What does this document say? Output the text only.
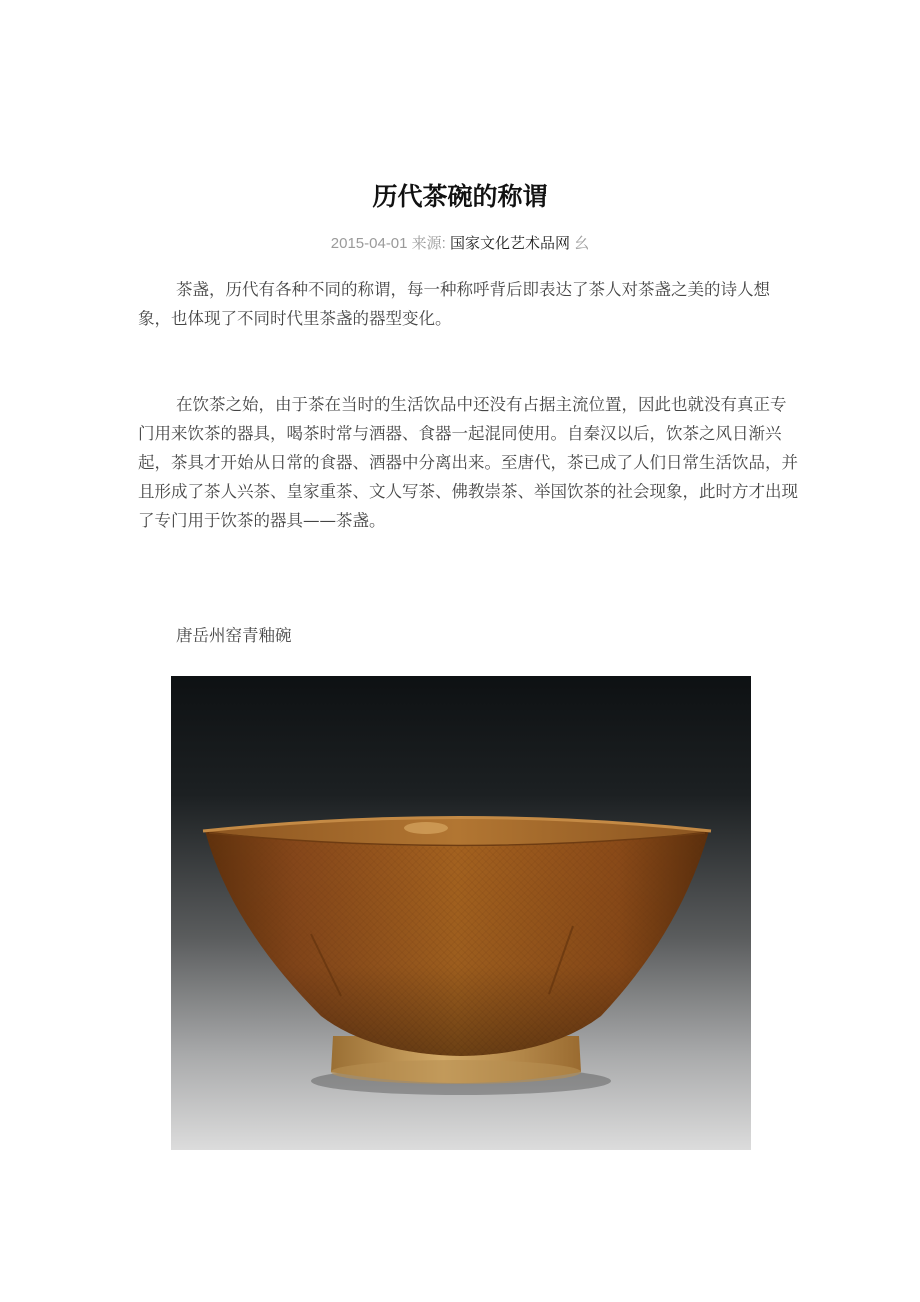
历代茶碗的称谓
2015-04-01 来源: 国家文化艺术品网 幺

茶盏，历代有各种不同的称谓，每一种称呼背后即表达了茶人对茶盏之美的诗人想象，也体现了不同时代里茶盏的器型变化。

在饮茶之始，由于茶在当时的生活饮品中还没有占据主流位置，因此也就没有真正专门用来饮茶的器具，喝茶时常与酒器、食器一起混同使用。自秦汉以后，饮茶之风日渐兴起，茶具才开始从日常的食器、酒器中分离出来。至唐代，茶已成了人们日常生活饮品，并且形成了茶人兴茶、皇家重茶、文人写茶、佛教崇茶、举国饮茶的社会现象，此时方才出现了专门用于饮茶的器具——茶盏。

唐岳州窑青釉碗
